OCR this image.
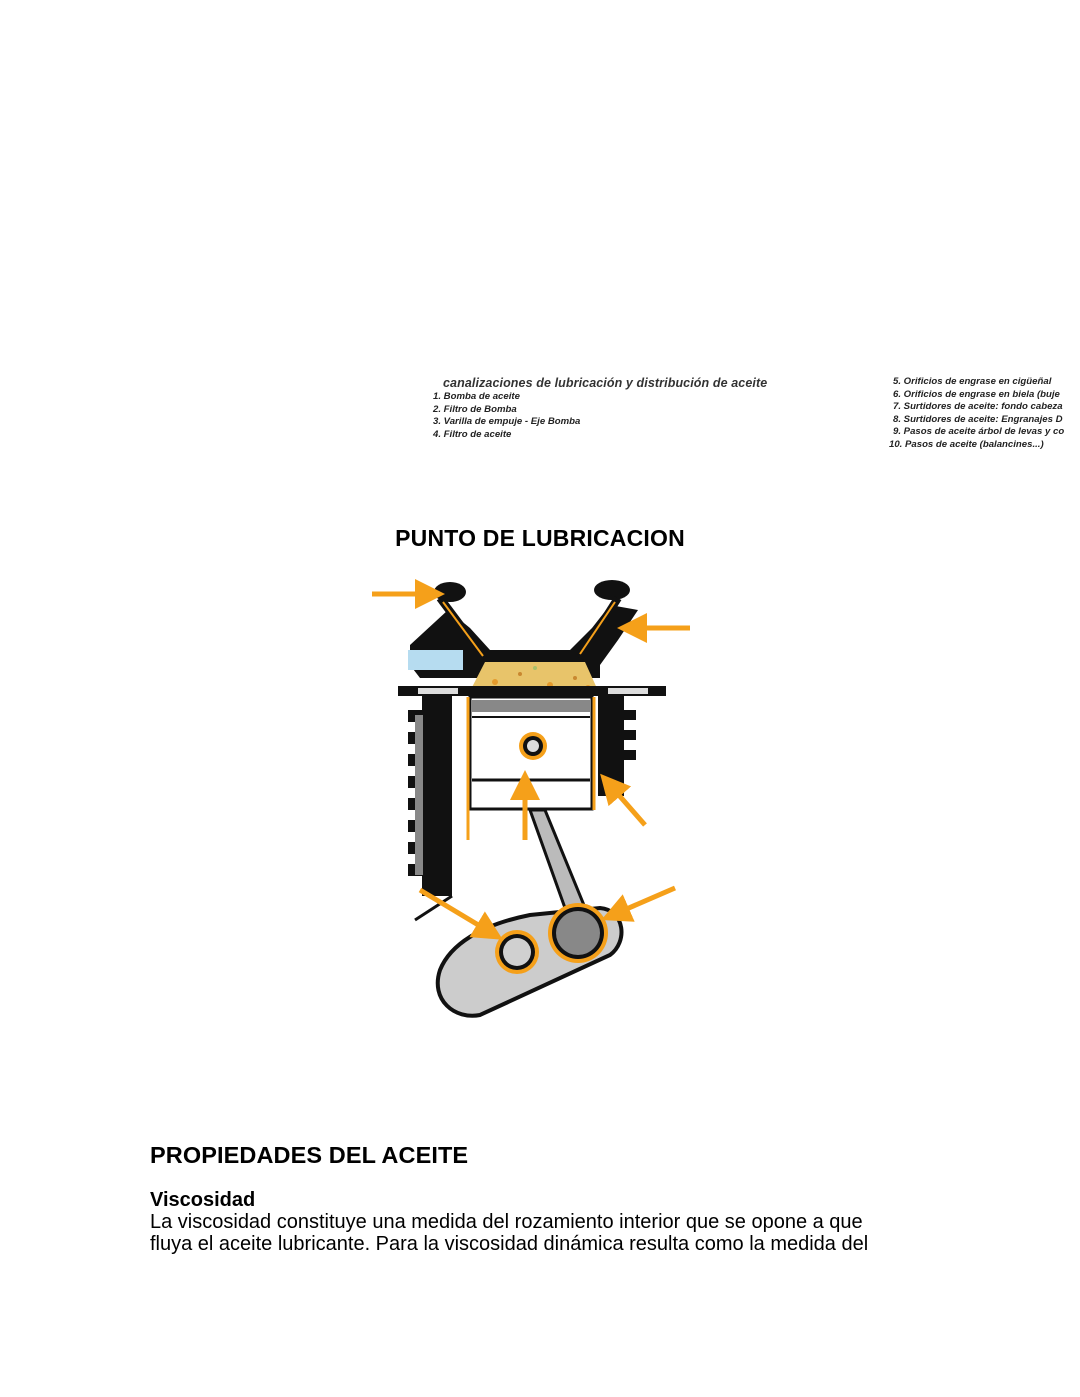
canalizaciones de lubricación y distribución de aceite
1. Bomba de aceite
2. Filtro de Bomba
3. Varilla de empuje - Eje Bomba
4. Filtro de aceite
5. Orificios de engrase en cigüeñal
6. Orificios de engrase en biela (buje
7. Surtidores de aceite: fondo cabeza
8. Surtidores de aceite: Engranajes D
9. Pasos de aceite árbol de levas y co
10. Pasos de aceite (balancines...)
PUNTO DE LUBRICACION
PROPIEDADES DEL ACEITE
Viscosidad
La viscosidad constituye una medida del rozamiento interior que se opone a que
fluya el aceite lubricante. Para la viscosidad dinámica resulta como la medida del
